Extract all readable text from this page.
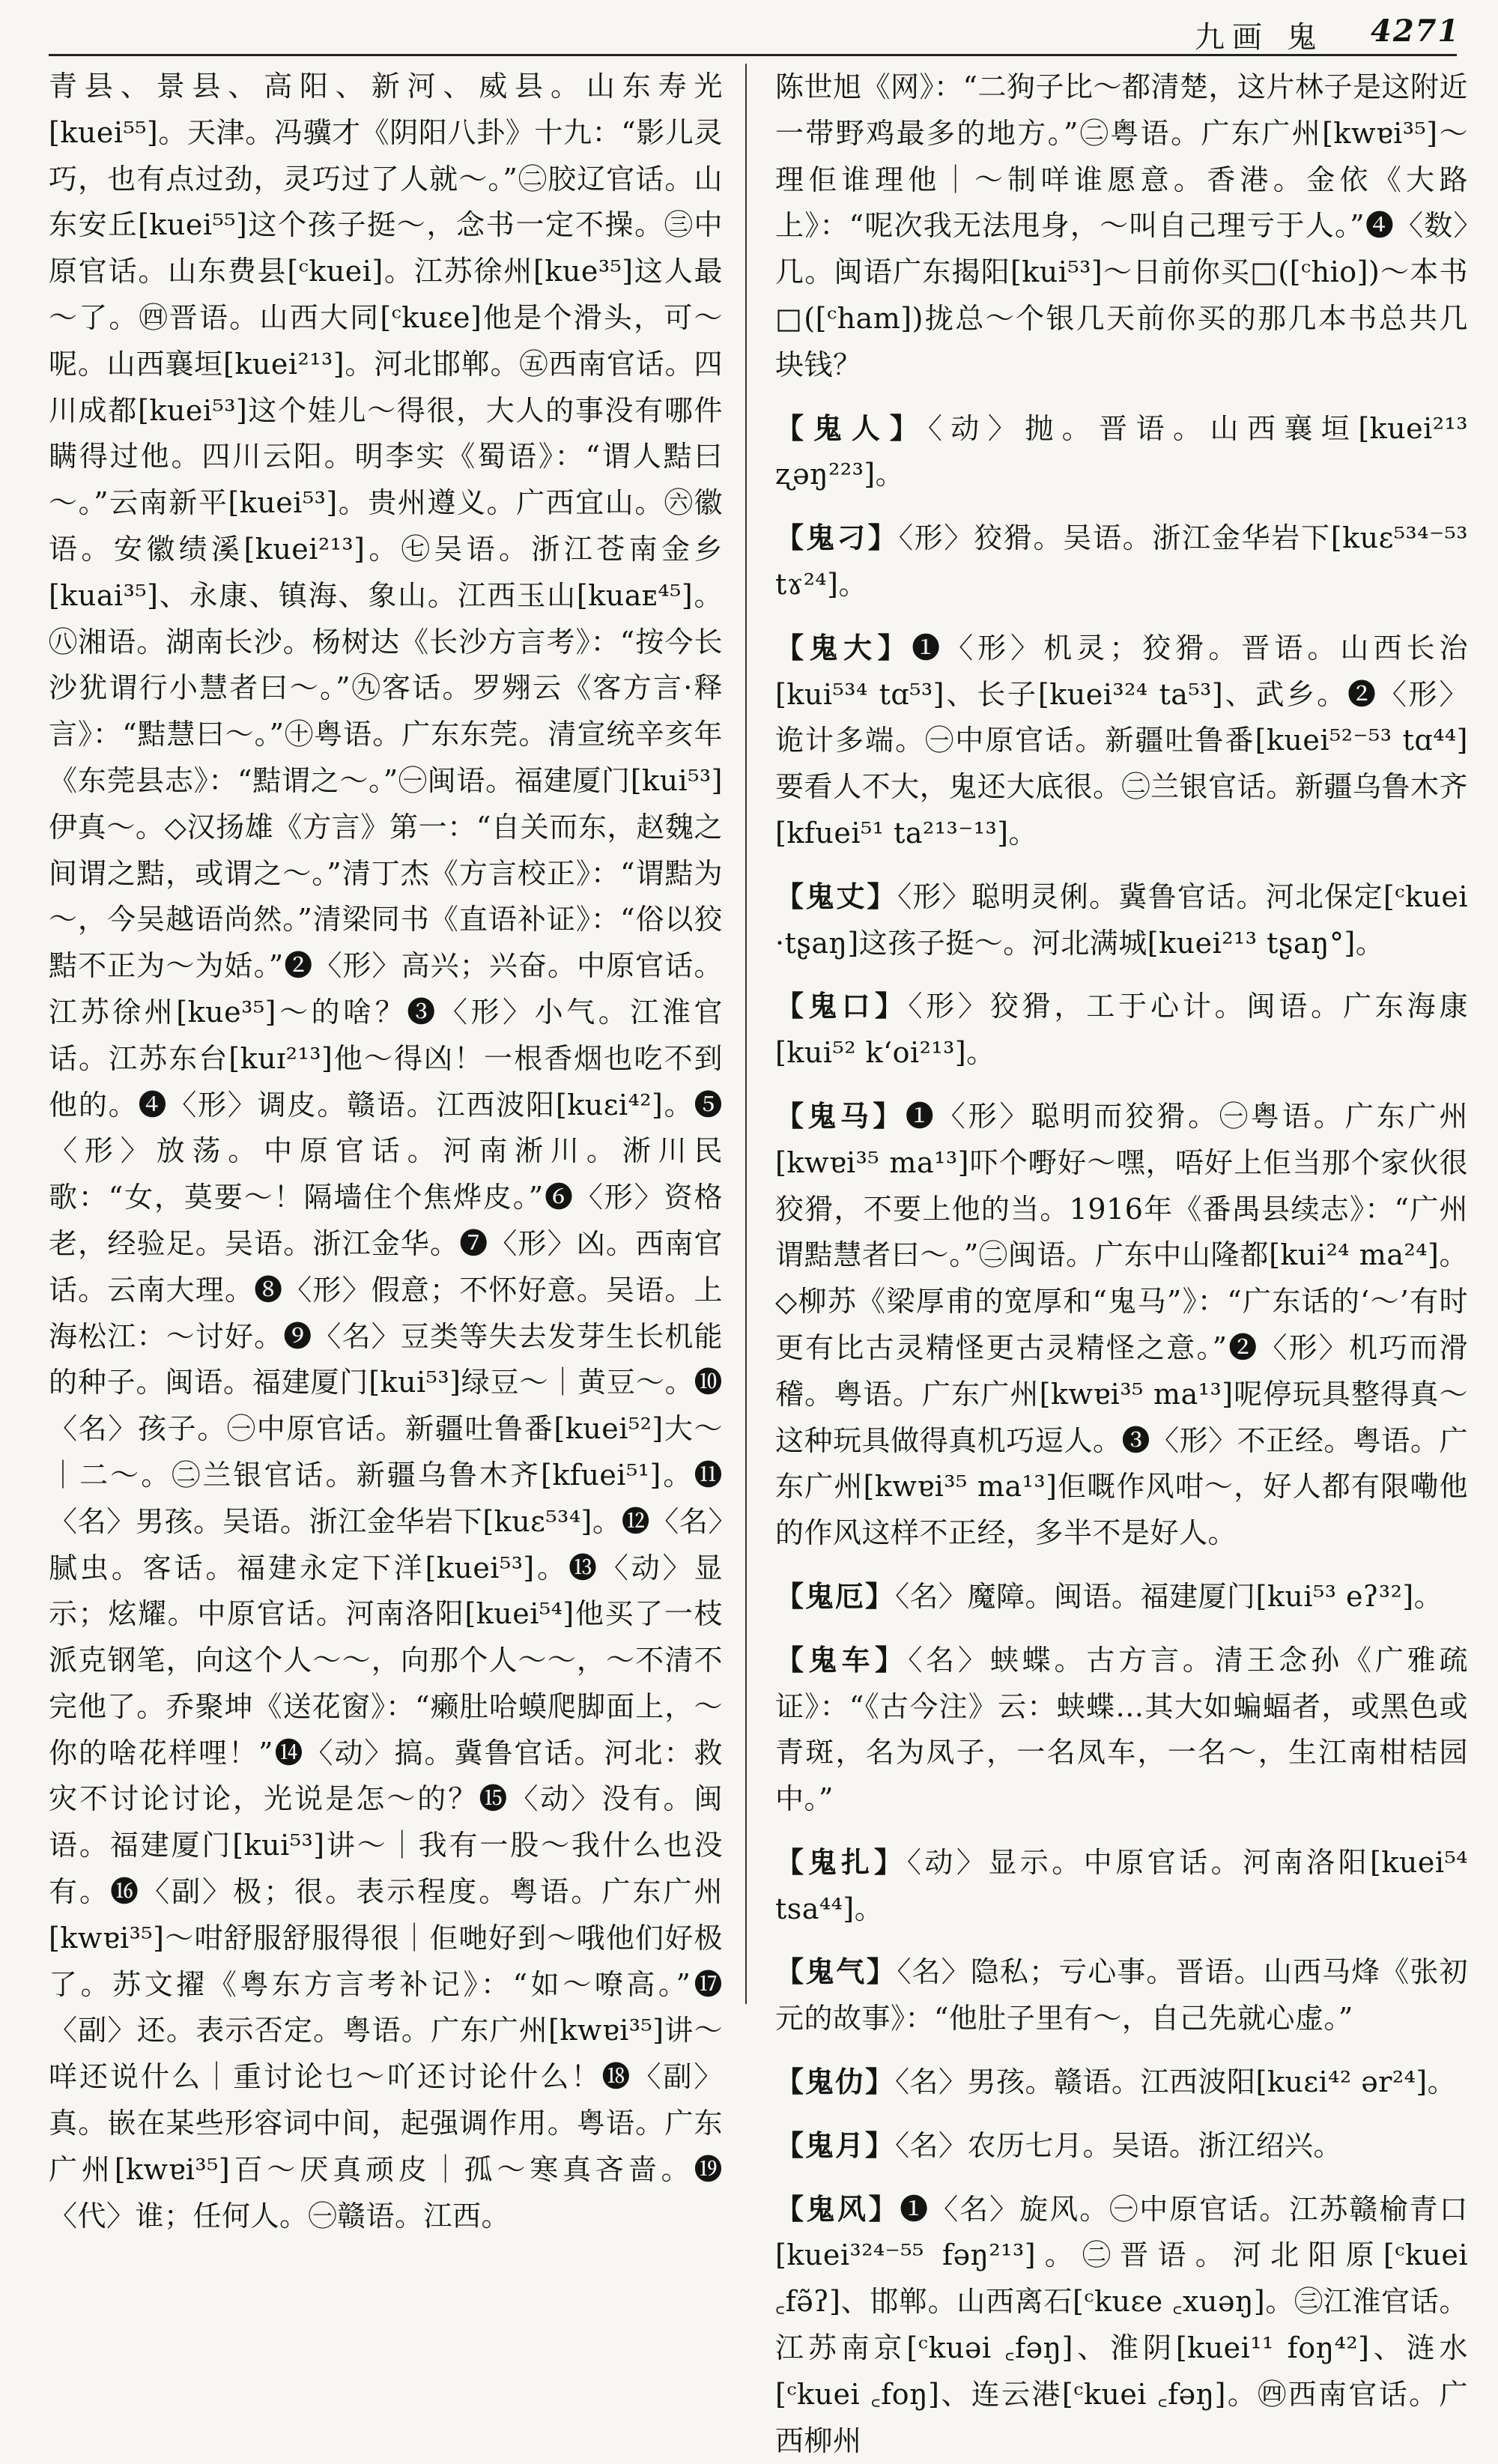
九画 鬼 4271

青县、景县、高阳、新河、威县。山东寿光[kuei⁵⁵]。天津。冯骥才《阴阳八卦》十九：“影儿灵巧，也有点过劲，灵巧过了人就～。”㊁胶辽官话。山东安丘[kuei⁵⁵]这个孩子挺～，念书一定不操。㊂中原官话。山东费县[ᶜkuei]。江苏徐州[kue³⁵]这人最～了。㊃晋语。山西大同[ᶜkuɛe]他是个滑头，可～呢。山西襄垣[kuei²¹³]。河北邯郸。㊄西南官话。四川成都[kuei⁵³]这个娃儿～得很，大人的事没有哪件瞒得过他。四川云阳。明李实《蜀语》：“谓人黠曰～。”云南新平[kuei⁵³]。贵州遵义。广西宜山。㊅徽语。安徽绩溪[kuei²¹³]。㊆吴语。浙江苍南金乡[kuai³⁵]、永康、镇海、象山。江西玉山[kuaᴇ⁴⁵]。㊇湘语。湖南长沙。杨树达《长沙方言考》：“按今长沙犹谓行小慧者曰～。”㊈客话。罗翙云《客方言·释言》：“黠慧曰～。”㊉粤语。广东东莞。清宣统辛亥年《东莞县志》：“黠谓之～。”㊀闽语。福建厦门[kui⁵³]伊真～。◇汉扬雄《方言》第一：“自关而东，赵魏之间谓之黠，或谓之～。”清丁杰《方言校正》：“谓黠为～，今吴越语尚然。”清梁同书《直语补证》：“俗以狡黠不正为～为姡。”❷〈形〉高兴；兴奋。中原官话。江苏徐州[kue³⁵]～的啥？❸〈形〉小气。江淮官话。江苏东台[kuɪ²¹³]他～得凶！一根香烟也吃不到他的。❹〈形〉调皮。赣语。江西波阳[kuɛi⁴²]。❺〈形〉放荡。中原官话。河南淅川。淅川民歌：“女，莫要～！隔墙住个焦烨皮。”❻〈形〉资格老，经验足。吴语。浙江金华。❼〈形〉凶。西南官话。云南大理。❽〈形〉假意；不怀好意。吴语。上海松江：～讨好。❾〈名〉豆类等失去发芽生长机能的种子。闽语。福建厦门[kui⁵³]绿豆～｜黄豆～。❿〈名〉孩子。㊀中原官话。新疆吐鲁番[kuei⁵²]大～｜二～。㊁兰银官话。新疆乌鲁木齐[kfuei⁵¹]。⓫〈名〉男孩。吴语。浙江金华岩下[kuɛ⁵³⁴]。⓬〈名〉腻虫。客话。福建永定下洋[kuei⁵³]。⓭〈动〉显示；炫耀。中原官话。河南洛阳[kuei⁵⁴]他买了一枝派克钢笔，向这个人～～，向那个人～～，～不清不完他了。乔聚坤《送花窗》：“癞肚哈蟆爬脚面上，～你的啥花样哩！”⓮〈动〉搞。冀鲁官话。河北：救灾不讨论讨论，光说是怎～的？⓯〈动〉没有。闽语。福建厦门[kui⁵³]讲～｜我有一股～我什么也没有。⓰〈副〉极；很。表示程度。粤语。广东广州[kwɐi³⁵]～咁舒服舒服得很｜佢哋好到～哦他们好极了。苏文擢《粤东方言考补记》：“如～嘹高。”⓱〈副〉还。表示否定。粤语。广东广州[kwɐi³⁵]讲～咩还说什么｜重讨论乜～吖还讨论什么！⓲〈副〉真。嵌在某些形容词中间，起强调作用。粤语。广东广州[kwɐi³⁵]百～厌真顽皮｜孤～寒真吝啬。⓳〈代〉谁；任何人。㊀赣语。江西。

陈世旭《网》：“二狗子比～都清楚，这片林子是这附近一带野鸡最多的地方。”㊁粤语。广东广州[kwɐi³⁵]～理佢谁理他｜～制咩谁愿意。香港。金依《大路上》：“呢次我无法甩身，～叫自己理亏于人。”❹〈数〉几。闽语广东揭阳[kui⁵³]～日前你买□([ᶜhio])～本书□([ᶜham])拢总～个银几天前你买的那几本书总共几块钱？

【鬼人】〈动〉抛。晋语。山西襄垣[kuei²¹³ ʐəŋ²²³]。

【鬼刁】〈形〉狡猾。吴语。浙江金华岩下[kuɛ⁵³⁴⁻⁵³ tɤ²⁴]。

【鬼大】❶〈形〉机灵；狡猾。晋语。山西长治[kui⁵³⁴ tɑ⁵³]、长子[kuei³²⁴ ta⁵³]、武乡。❷〈形〉诡计多端。㊀中原官话。新疆吐鲁番[kuei⁵²⁻⁵³ tɑ⁴⁴]要看人不大，鬼还大底很。㊁兰银官话。新疆乌鲁木齐[kfuei⁵¹ ta²¹³⁻¹³]。

【鬼丈】〈形〉聪明灵俐。冀鲁官话。河北保定[ᶜkuei ·tʂaŋ]这孩子挺～。河北满城[kuei²¹³ tʂaŋ°]。

【鬼口】〈形〉狡猾，工于心计。闽语。广东海康[kui⁵² k‘oi²¹³]。

【鬼马】❶〈形〉聪明而狡猾。㊀粤语。广东广州[kwɐi³⁵ ma¹³]吓个嘢好～嘿，唔好上佢当那个家伙很狡猾，不要上他的当。1916年《番禺县续志》：“广州谓黠慧者曰～。”㊁闽语。广东中山隆都[kui²⁴ ma²⁴]。◇柳苏《梁厚甫的宽厚和“鬼马”》：“广东话的‘～’有时更有比古灵精怪更古灵精怪之意。”❷〈形〉机巧而滑稽。粤语。广东广州[kwɐi³⁵ ma¹³]呢停玩具整得真～这种玩具做得真机巧逗人。❸〈形〉不正经。粤语。广东广州[kwɐi³⁵ ma¹³]佢嘅作风咁～，好人都有限嘞他的作风这样不正经，多半不是好人。

【鬼厄】〈名〉魔障。闽语。福建厦门[kui⁵³ eʔ³²]。

【鬼车】〈名〉蛱蝶。古方言。清王念孙《广雅疏证》：“《古今注》云：蛱蝶…其大如蝙蝠者，或黑色或青斑，名为凤子，一名凤车，一名～，生江南柑桔园中。”

【鬼扎】〈动〉显示。中原官话。河南洛阳[kuei⁵⁴ tsa⁴⁴]。

【鬼气】〈名〉隐私；亏心事。晋语。山西马烽《张初元的故事》：“他肚子里有～，自己先就心虚。”

【鬼仂】〈名〉男孩。赣语。江西波阳[kuɛi⁴² ər²⁴]。

【鬼月】〈名〉农历七月。吴语。浙江绍兴。

【鬼风】❶〈名〉旋风。㊀中原官话。江苏赣榆青口[kuei³²⁴⁻⁵⁵ fəŋ²¹³]。㊁晋语。河北阳原[ᶜkuei ꜀fə̃ʔ]、邯郸。山西离石[ᶜkuɛe ꜀xuəŋ]。㊂江淮官话。江苏南京[ᶜkuəi ꜀fəŋ]、淮阴[kuei¹¹ foŋ⁴²]、涟水[ᶜkuei ꜀foŋ]、连云港[ᶜkuei ꜀fəŋ]。㊃西南官话。广西柳州
